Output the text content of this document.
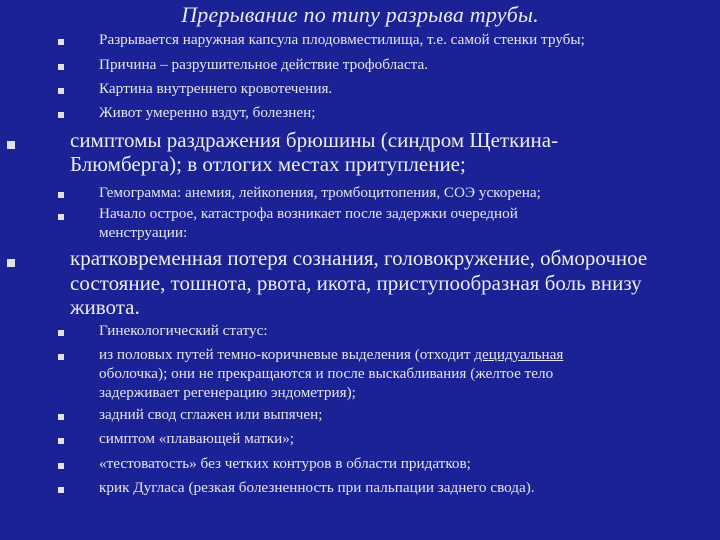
Прерывание по типу разрыва трубы.
Разрывается наружная капсула плодовместилища, т.е. самой стенки трубы;
Причина – разрушительное действие трофобласта.
Картина внутреннего кровотечения.
Живот умеренно вздут, болезнен;
симптомы раздражения брюшины (синдром Щеткина-
Блюмберга); в отлогих местах притупление;
Гемограмма: анемия, лейкопения, тромбоцитопения, СОЭ ускорена;
Начало острое, катастрофа возникает после задержки очередной
менструации:
кратковременная потеря сознания, головокружение, обморочное
состояние, тошнота, рвота, икота, приступообразная боль внизу
живота.
Гинекологический статус:
из половых путей темно-коричневые выделения (отходит децидуальная
оболочка); они не прекращаются и после выскабливания (желтое тело
задерживает регенерацию эндометрия);
задний свод сглажен или выпячен;
симптом «плавающей матки»;
«тестоватость» без четких контуров в области придатков;
крик Дугласа (резкая болезненность при пальпации заднего свода).
